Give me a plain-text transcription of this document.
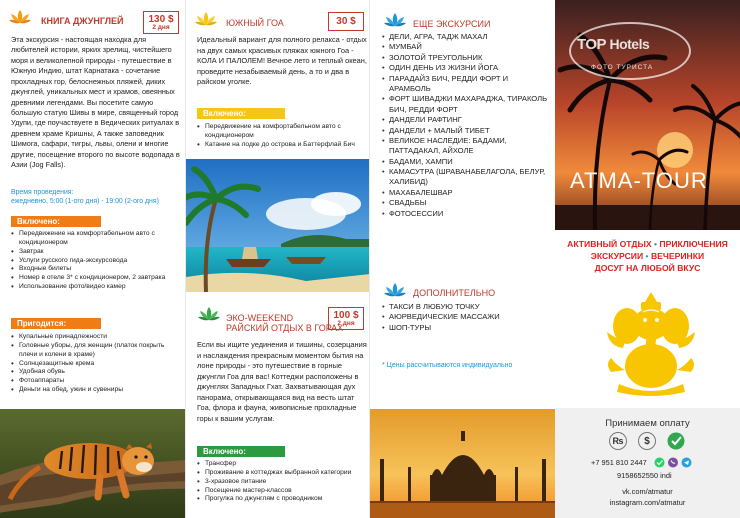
КНИГА ДЖУНГЛЕЙ	130 $
2 дня
Эта экскурсия - настоящая находка для любителей истории, ярких зрелищ, чистейшего моря и великолепной природы - путешествие в Южную Индию, штат Карнатака - сочетание прохладных гор, белоснежных пляжей, диких джунглей, уникальных мест и храмов, овеянных древними легендами. Вы посетите самую большую статую Шивы в мире, священный город Удупи, где поучаствуете в Ведических ритуалах в древнем храме Кришны, А также заповедник Шимога, сафари, тигры, львы, олени и многие другие, посещение второго по высоте водопада в Азии (Jog Falls).
Время проведения:
ежедневно, 5:00 (1-ого дня) - 19:00 (2-ого дня)
Включено:
• Передвижение на комфортабельном авто с кондиционером
• Завтрак
• Услуги русского гида-экскурсовода
• Входные билеты
• Номер в отеле 3* с кондиционером, 2 завтрака
• Использование фото/видео камер
Пригодится:
• Купальные принадлежности
• Головные уборы, для женщин (платок покрыть плечи и колени в храме)
• Солнцезащитные крема
• Удобная обувь
• Фотоаппараты
• Деньги на обед, ужин и сувениры
ЮЖНЫЙ ГОА	30 $
Идеальный вариант для полного релакса - отдых на двух самых красивых пляжах южного Гоа - КОЛА И ПАЛОЛЕМ! Вечное лето и теплый океан, проведите незабываемый день, а то и два в райском уголке.
Включено:
• Передвижение на комфортабельном авто с кондиционером
• Катание на лодке до острова и Баттерфлай Бич
ЭКО-WEEKEND
РАЙСКИЙ ОТДЫХ В ГОРАХ
100 $
2 дня
Если вы ищите уединения и тишины, созерцания и наслаждения прекрасным моментом бытия на лоне природы - это путешествие в горные джунгли Гоа для вас! Коттеджи расположены в джунглях Западных Гхат. Захватывающая дух панорама, открывающаяся вид на весть штат Гоа, флора и фауна, живописные прохладные горы к вашим услугам.
Включено:
• Трансфер
• Проживание в коттеджах выбранной категории
• 3-хразовое питание
• Посещение мастер-классов
• Прогулка по джунглям с проводником
ЕЩЕ ЭКСКУРСИИ
• ДЕЛИ, АГРА, ТАДЖ МАХАЛ
• МУМБАЙ
• ЗОЛОТОЙ ТРЕУГОЛЬНИК
• ОДИН ДЕНЬ ИЗ ЖИЗНИ ЙОГА
• ПАРАДАЙЗ БИЧ, РЕДДИ ФОРТ И АРАМБОЛЬ
• ФОРТ ШИВАДЖИ МАХАРАДЖА, ТИРАКОЛЬ БИЧ, РЕДДИ ФОРТ
• ДАНДЕЛИ РАФТИНГ
• ДАНДЕЛИ + МАЛЫЙ ТИБЕТ
• ВЕЛИКОЕ НАСЛЕДИЕ: БАДАМИ, ПАТТАДАКАЛ, АЙХОЛЕ
• БАДАМИ, ХАМПИ
• КАМАСУТРА (ШРАВАНАБЕЛАГОЛА, БЕЛУР, ХАЛИБИД)
• МАХАБАЛЕШВАР
• СВАДЬБЫ
• ФОТОСЕССИИ
ДОПОЛНИТЕЛЬНО
• ТАКСИ В ЛЮБУЮ ТОЧКУ
• АЮРВЕДИЧЕСКИЕ МАССАЖИ
• ШОП-ТУРЫ
* Цены рассчитываются индивидуально
TOP Hotels
ФОТО ТУРИСТА
ATMA-TOUR
АКТИВНЫЙ ОТДЫХ • ПРИКЛЮЧЕНИЯ
ЭКСКУРСИИ • ВЕЧЕРИНКИ
ДОСУГ НА ЛЮБОЙ ВКУС
Принимаем оплату
₨	$
+7 951 810 2447
9158652550 indi
vk.com/atmatur
instagram.com/atmatur
